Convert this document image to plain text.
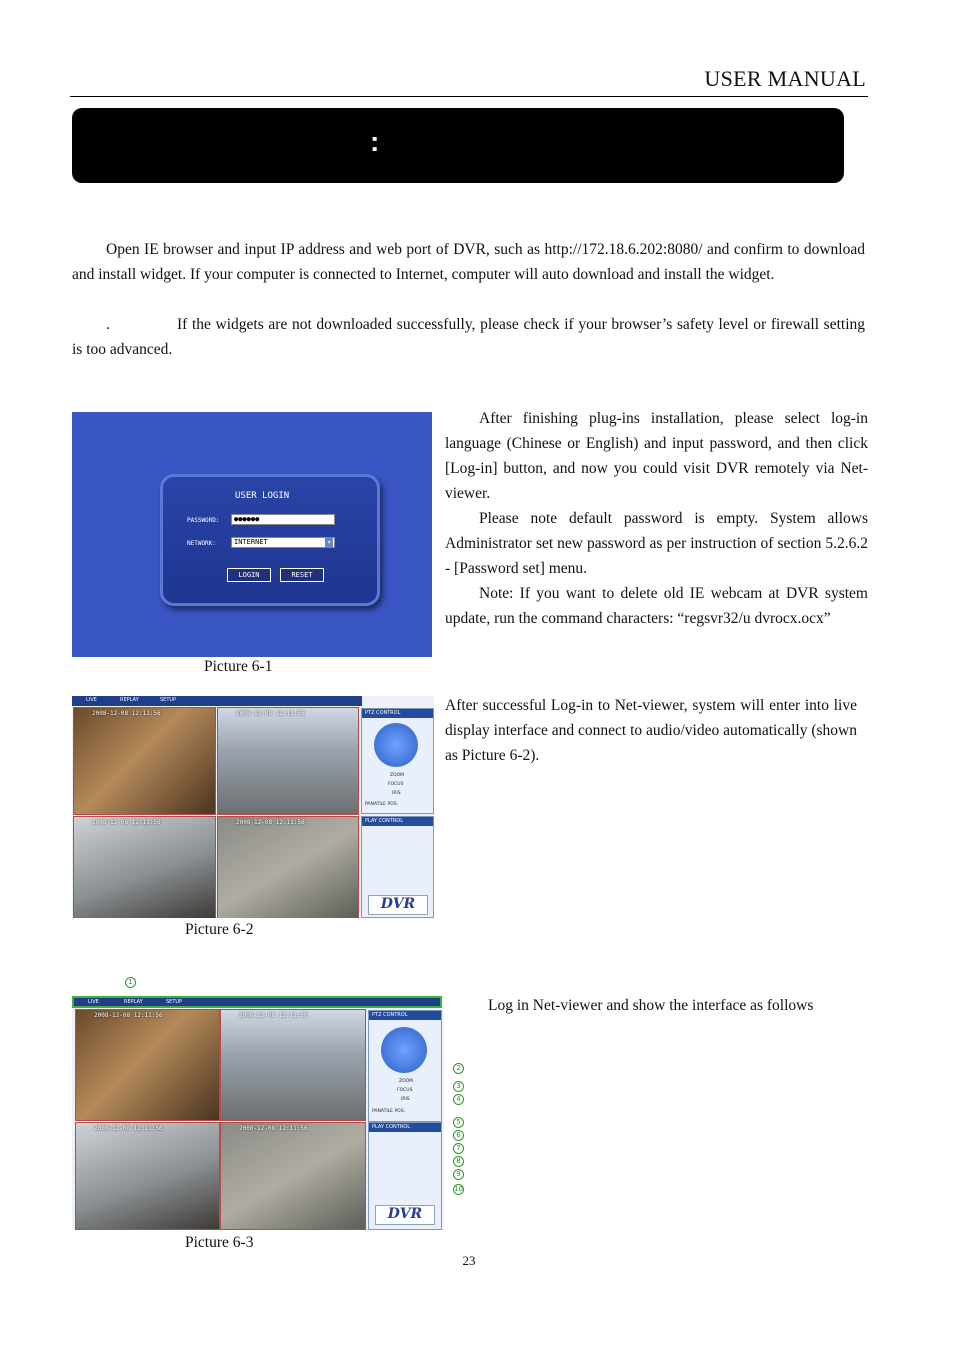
USER MANUAL
:
Open IE browser and input IP address and web port of DVR, such as http://172.18.6.202:8080/ and confirm to download and install widget. If your computer is connected to Internet, computer will auto download and install the widget.
.	If the widgets are not downloaded successfully, please check if your browser’s safety level or firewall setting is too advanced.
USER LOGIN
PASSWORD:	●●●●●●
NETWORK:	INTERNET	▾
LOGIN	RESET
Picture 6-1

After finishing plug-ins installation, please select log-in language (Chinese or English) and input password, and then click [Log-in] button, and now you could visit DVR remotely via Net-viewer.

Please note default password is empty. System allows Administrator set new password as per instruction of section 5.2.6.2 - [Password set] menu.

Note: If you want to delete old IE webcam at DVR system update, run the command characters: “regsvr32/u dvrocx.ocx”

LIVE	REPLAY	SETUP
2008-12-08 12:11:56	2008-12-08 12:11:56
2008-12-08 12:11:56	2008-12-08 12:11:56
PTZ CONTROL
ZOOM
FOCUS
IRIS
PANATILE POS:
PLAY CONTROL
DVR
Picture 6-2
After successful Log-in to Net-viewer, system will enter into live display interface and connect to audio/video automatically (shown as Picture 6-2).
LIVE	REPLAY	SETUP
2008-12-08 12:11:56	2008-12-08 12:11:56
2008-12-08 12:11:56	2008-12-08 12:11:56
PTZ CONTROL
ZOOM
FOCUS
IRIS
PANATILE POS:
PLAY CONTROL
DVR
1
2
3
4
5
6
7
8
9
10
Picture 6-3
Log in Net-viewer and show the interface as follows
23
